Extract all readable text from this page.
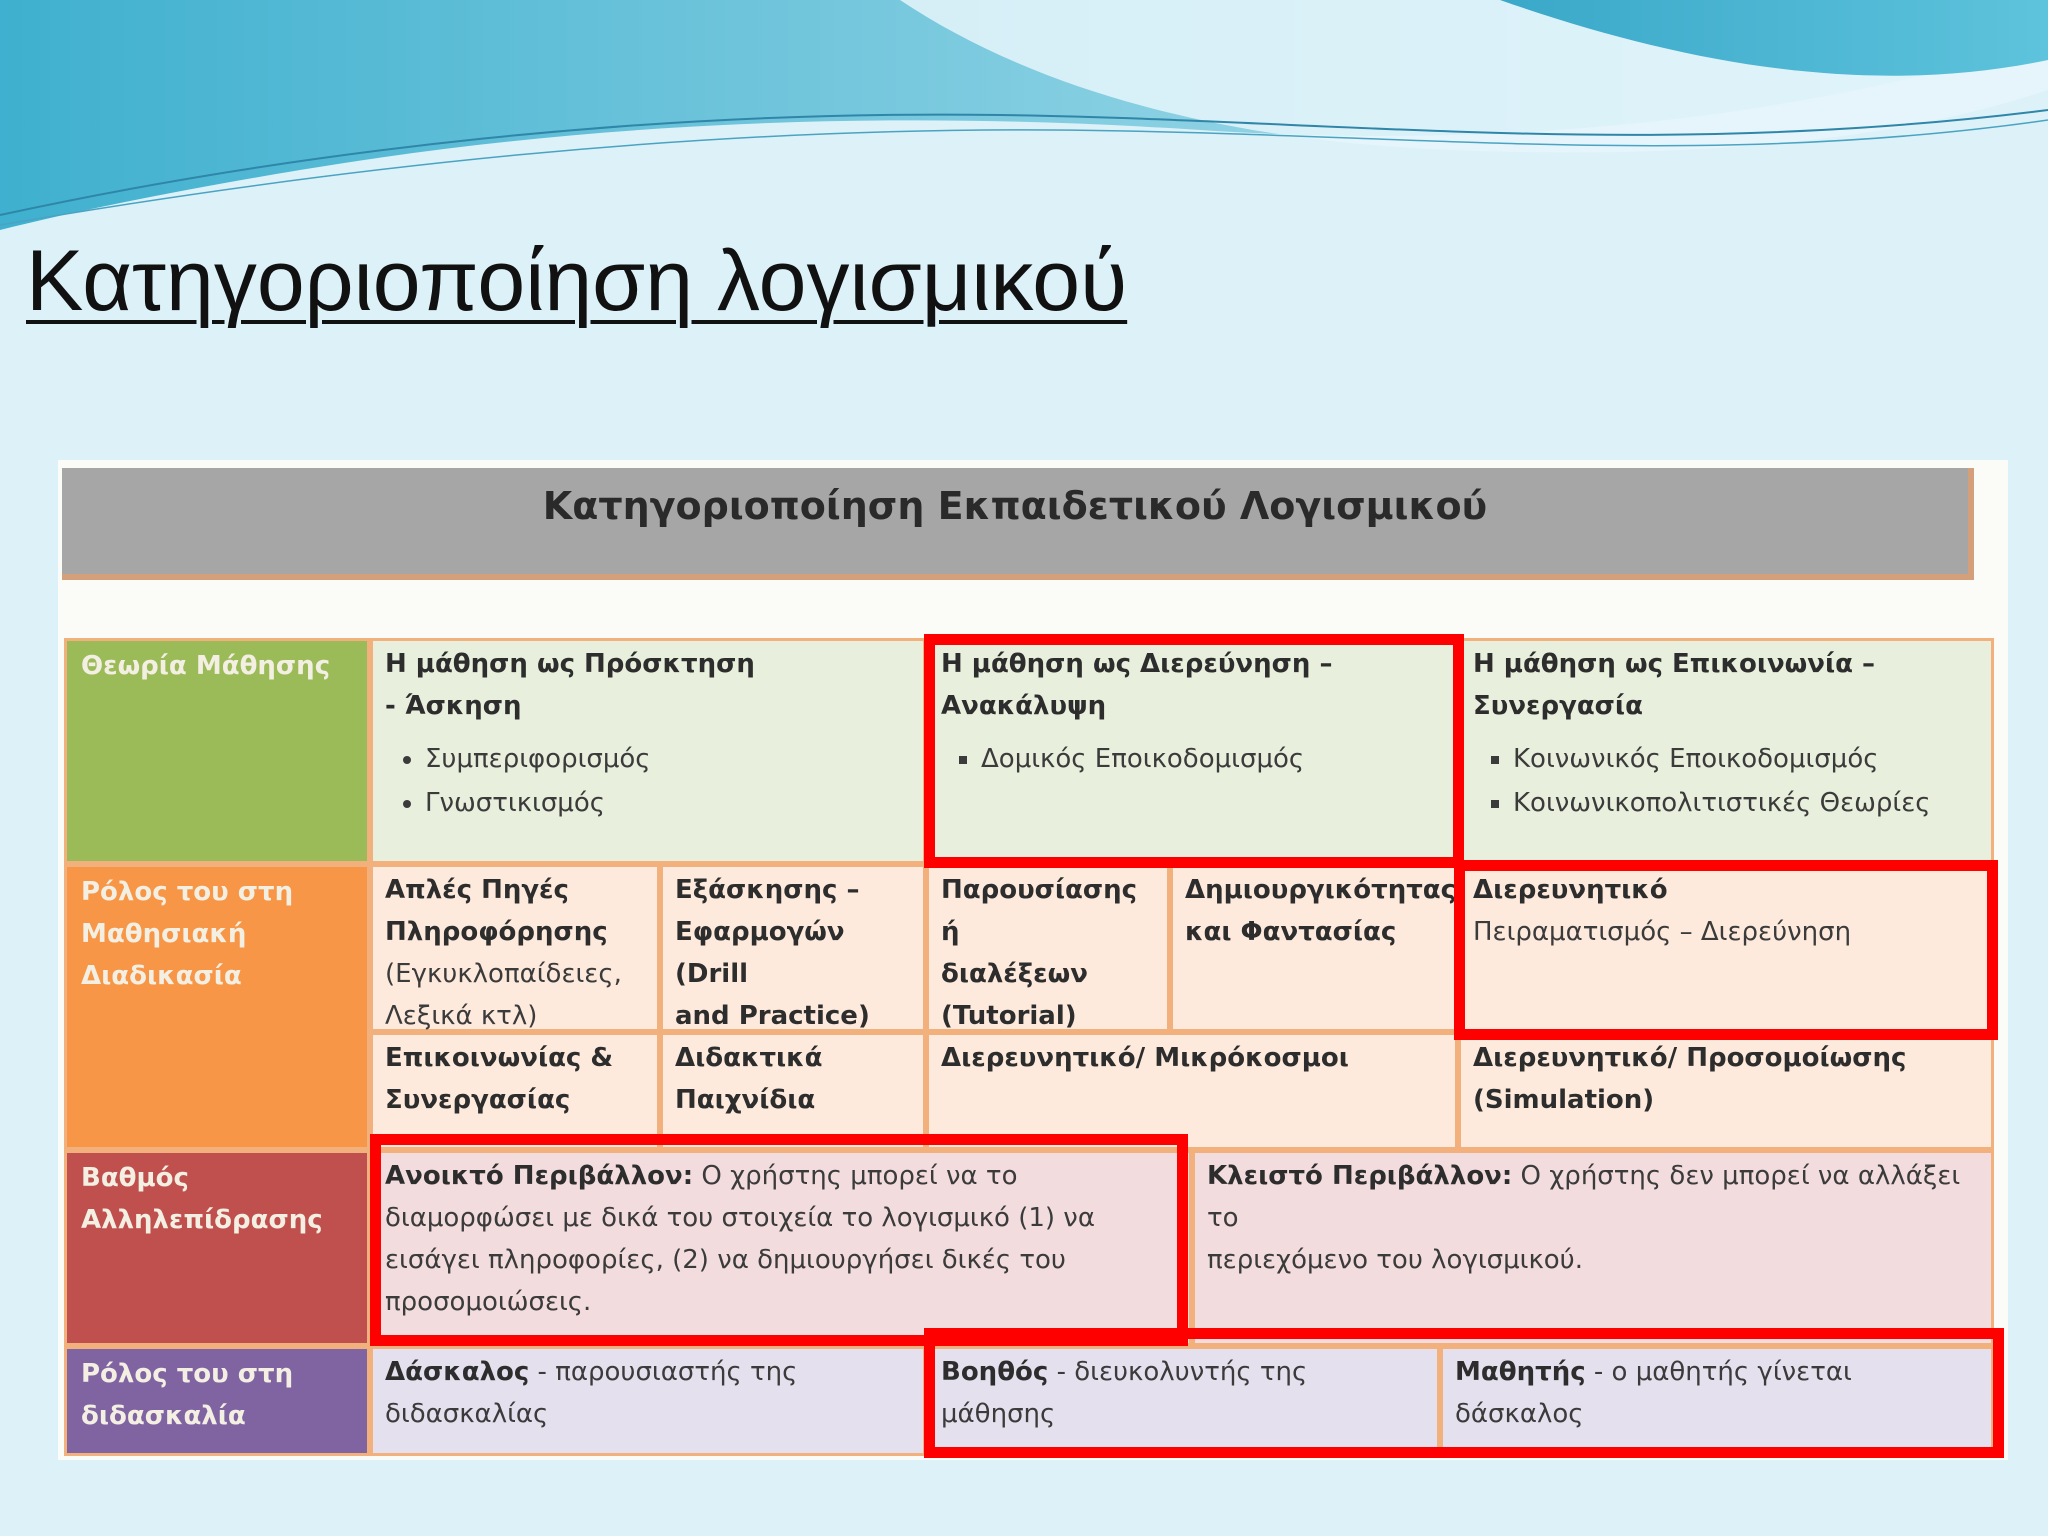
Κατηγοριοποίηση λογισμικού
Κατηγοριοποίηση Εκπαιδετικού Λογισμικού
Θεωρία Μάθησης	Η μάθηση ως Πρόσκτηση
- Άσκηση
• Συμπεριφορισμός
• Γνωστικισμός
Η μάθηση ως Διερεύνηση –
Ανακάλυψη
▪ Δομικός Εποικοδομισμός
Η μάθηση ως Επικοινωνία –
Συνεργασία
▪ Κοινωνικός Εποικοδομισμός
▪ Κοινωνικοπολιτιστικές Θεωρίες
Ρόλος του στη
Μαθησιακή
Διαδικασία
Απλές Πηγές
Πληροφόρησης
(Εγκυκλοπαίδειες,
Λεξικά κτλ)
Εξάσκησης –
Εφαρμογών (Drill
and Practice)
Παρουσίασης ή
διαλέξεων
(Tutorial)
Δημιουργικότητας
και Φαντασίας
Διερευνητικό
Πειραματισμός – Διερεύνηση
Επικοινωνίας &
Συνεργασίας
Διδακτικά
Παιχνίδια
Διερευνητικό/ Μικρόκοσμοι	Διερευνητικό/ Προσομοίωσης
(Simulation)
Βαθμός
Αλληλεπίδρασης
Ανοικτό Περιβάλλον: Ο χρήστης μπορεί να το
διαμορφώσει με δικά του στοιχεία το λογισμικό (1) να
εισάγει πληροφορίες, (2) να δημιουργήσει δικές του
προσομοιώσεις.
Κλειστό Περιβάλλον: Ο χρήστης δεν μπορεί να αλλάξει το
περιεχόμενο του λογισμικού.
Ρόλος του στη
διδασκαλία
Δάσκαλος - παρουσιαστής της
διδασκαλίας
Βοηθός - διευκολυντής της
μάθησης
Μαθητής - ο μαθητής γίνεται
δάσκαλος
